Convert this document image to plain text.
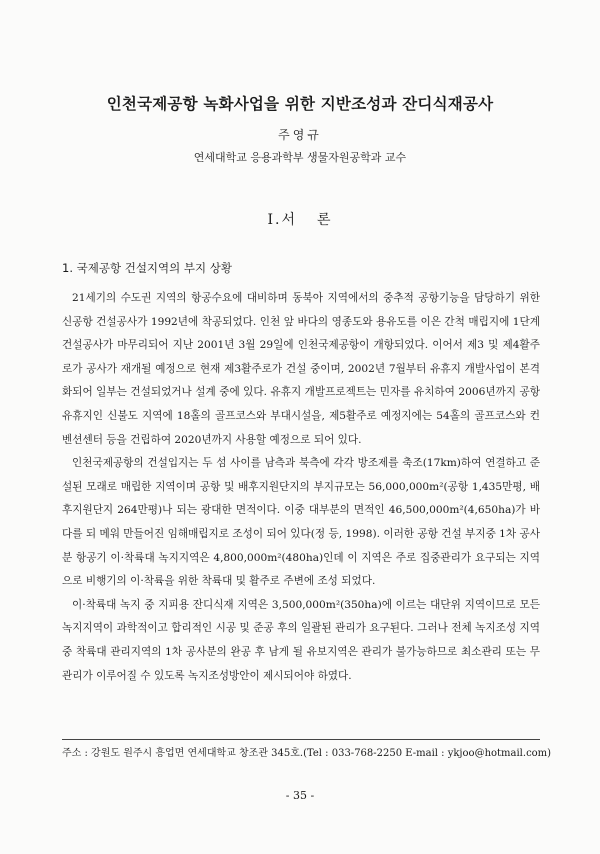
인천국제공항 녹화사업을 위한 지반조성과 잔디식재공사
주영규
연세대학교 응용과학부 생물자원공학과 교수
Ⅰ.서 론
1. 국제공항 건설지역의 부지 상황

21세기의 수도권 지역의 항공수요에 대비하며 동북아 지역에서의 중추적 공항기능을 담당하기 위한 신공항 건설공사가 1992년에 착공되었다. 인천 앞 바다의 영종도와 용유도를 이은 간척 매립지에 1단계 건설공사가 마무리되어 지난 2001년 3월 29일에 인천국제공항이 개항되었다. 이어서 제3 및 제4활주로가 공사가 재개될 예정으로 현재 제3활주로가 건설 중이며, 2002년 7월부터 유휴지 개발사업이 본격화되어 일부는 건설되었거나 설계 중에 있다. 유휴지 개발프로젝트는 민자를 유치하여 2006년까지 공항 유휴지인 신불도 지역에 18홀의 골프코스와 부대시설을, 제5활주로 예정지에는 54홀의 골프코스와 컨벤션센터 등을 건립하여 2020년까지 사용할 예정으로 되어 있다.

인천국제공항의 건설입지는 두 섬 사이를 남측과 북측에 각각 방조제를 축조(17km)하여 연결하고 준설된 모래로 매립한 지역이며 공항 및 배후지원단지의 부지규모는 56,000,000m²(공항 1,435만평, 배후지원단지 264만평)나 되는 광대한 면적이다. 이중 대부분의 면적인 46,500,000m²(4,650ha)가 바다를 되 메워 만들어진 임해매립지로 조성이 되어 있다(정 등, 1998). 이러한 공항 건설 부지중 1차 공사분 항공기 이·착륙대 녹지지역은 4,800,000m²(480ha)인데 이 지역은 주로 집중관리가 요구되는 지역으로 비행기의 이·착륙을 위한 착륙대 및 활주로 주변에 조성 되었다.

이·착륙대 녹지 중 지피용 잔디식재 지역은 3,500,000m²(350ha)에 이르는 대단위 지역이므로 모든 녹지지역이 과학적이고 합리적인 시공 및 준공 후의 일괄된 관리가 요구된다. 그러나 전체 녹지조성 지역 중 착륙대 관리지역의 1차 공사분의 완공 후 남게 될 유보지역은 관리가 불가능하므로 최소관리 또는 무관리가 이루어질 수 있도록 녹지조성방안이 제시되어야 하였다.

주소 : 강원도 원주시 흥업면 연세대학교 창조관 345호.(Tel : 033-768-2250 E-mail : ykjoo@hotmail.com)
- 35 -
